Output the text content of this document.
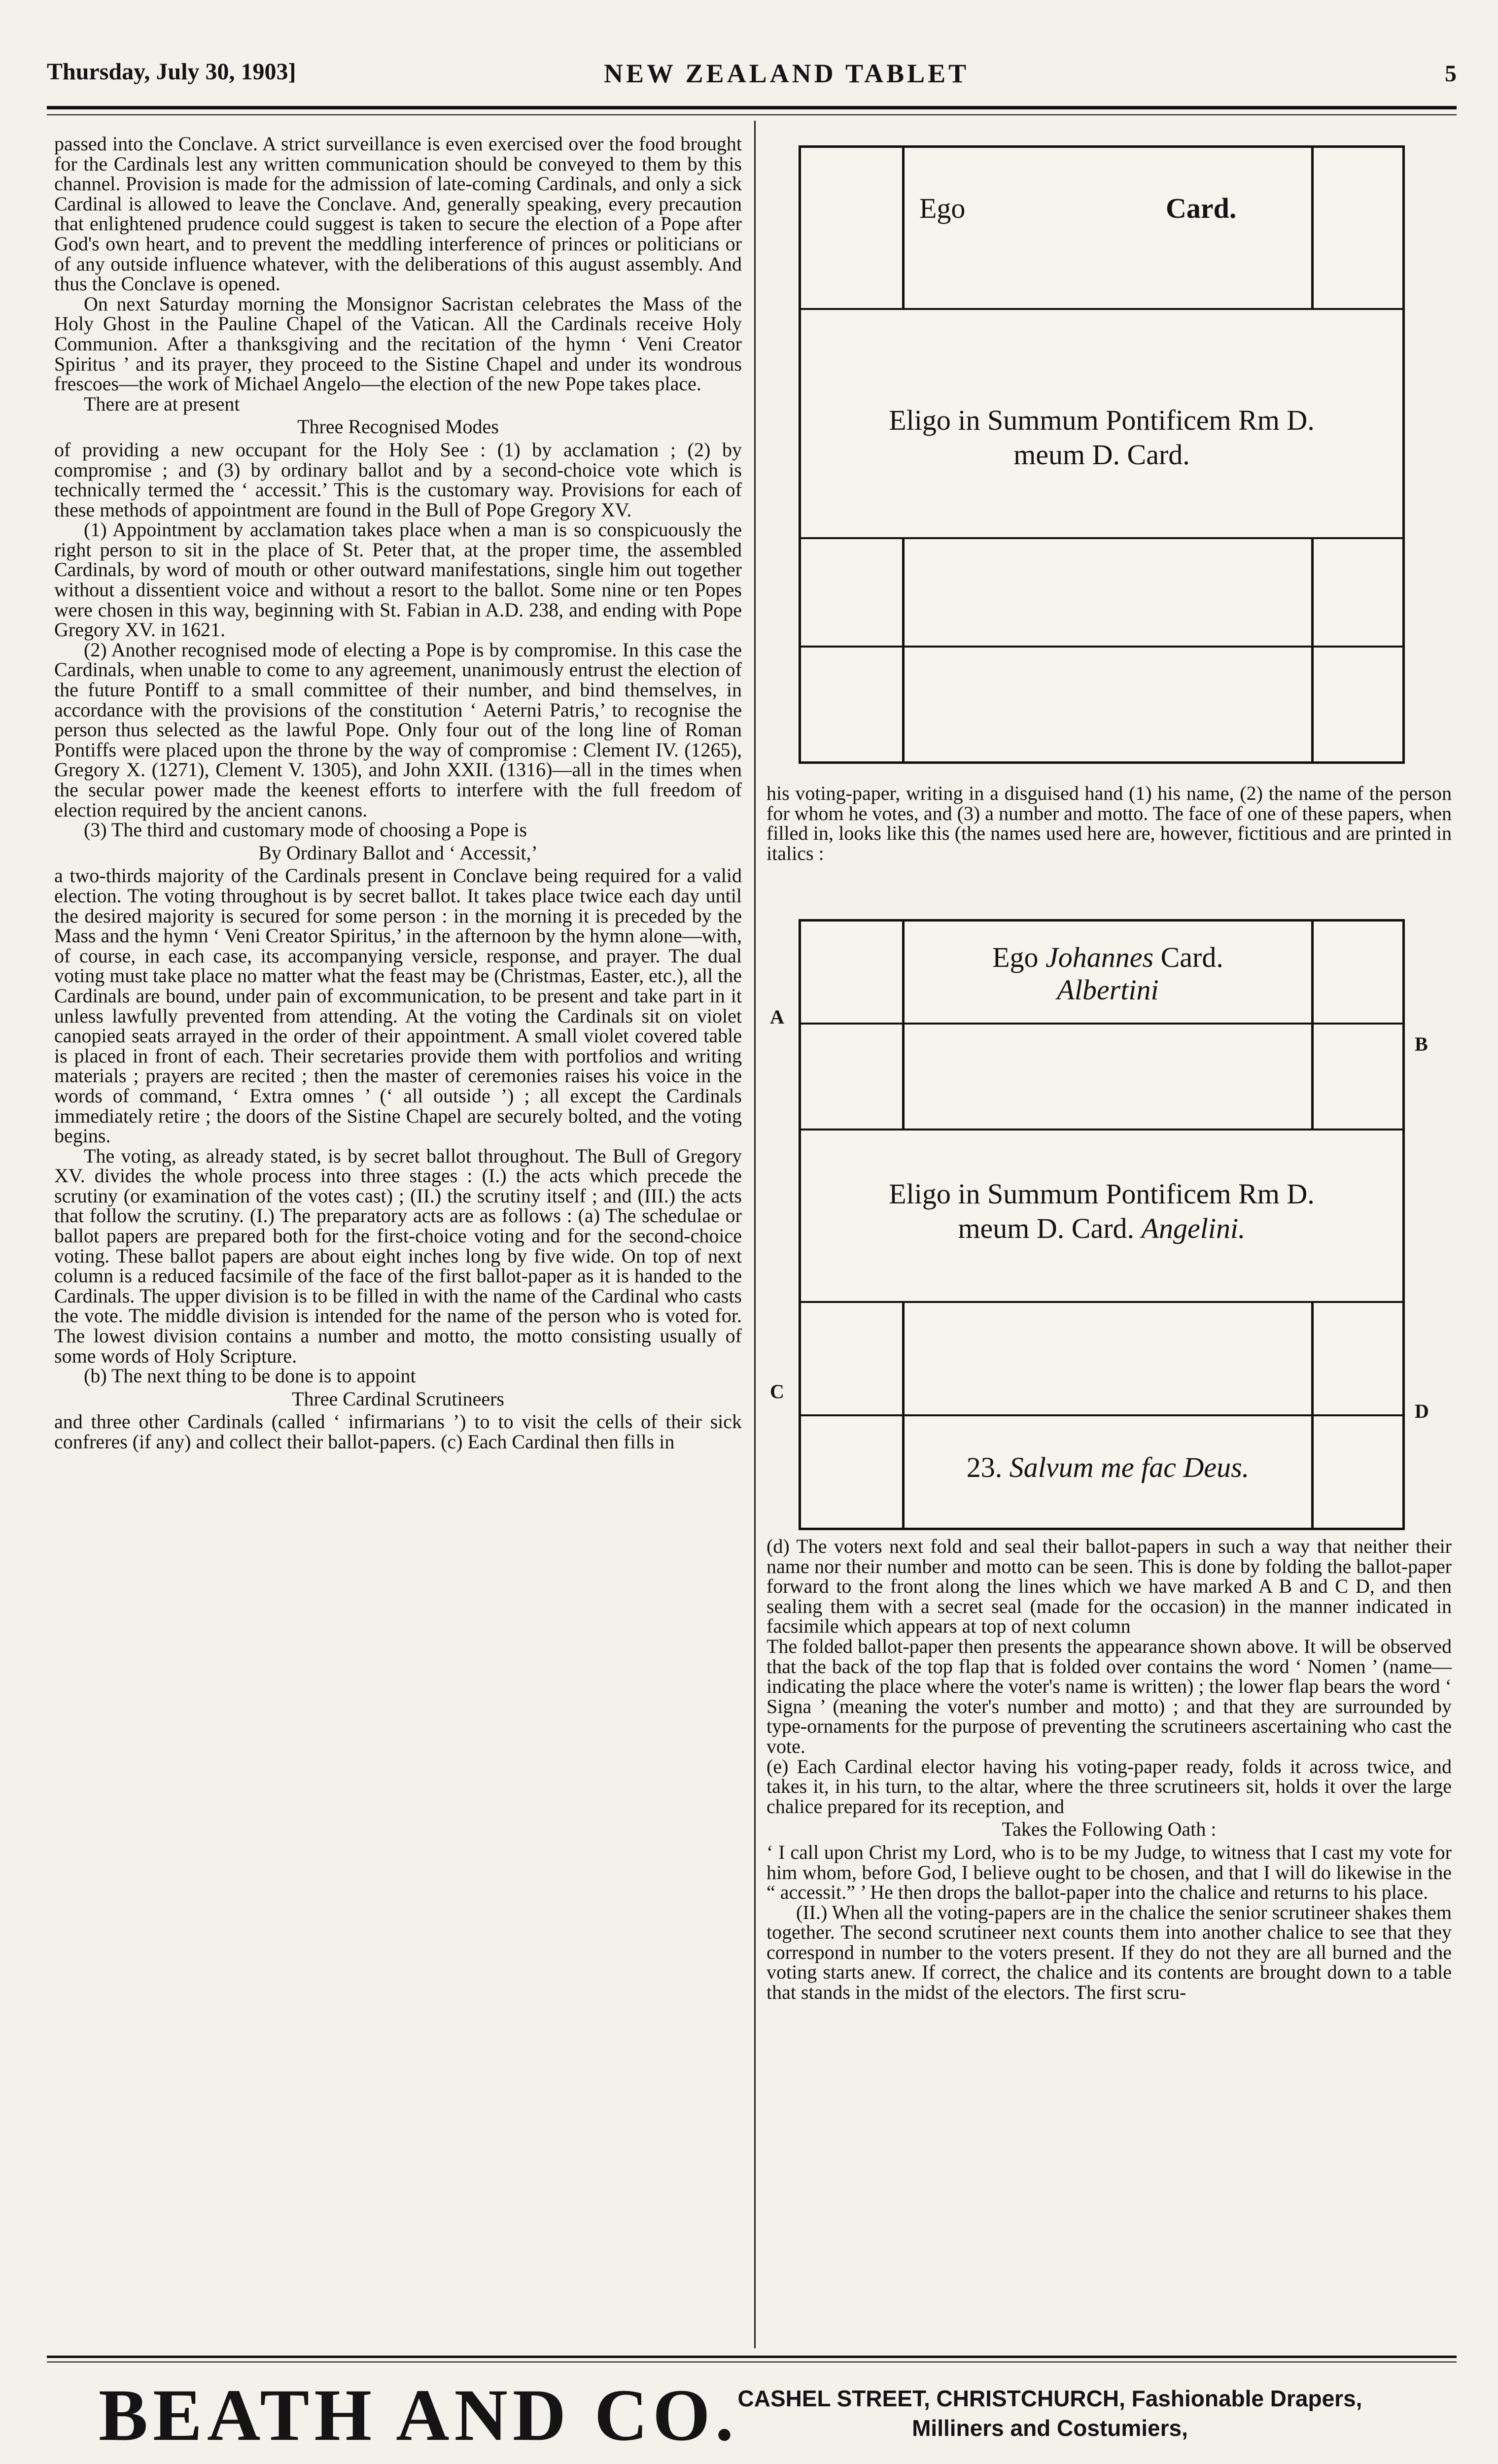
Thursday, July 30, 1903]	NEW ZEALAND TABLET	5

passed into the Conclave. A strict surveillance is even exercised over the food brought for the Cardinals lest any written communication should be conveyed to them by this channel. Provision is made for the admission of late-coming Cardinals, and only a sick Cardinal is allowed to leave the Conclave. And, generally speaking, every precaution that enlightened prudence could suggest is taken to secure the election of a Pope after God's own heart, and to prevent the meddling interference of princes or politicians or of any outside influence whatever, with the deliberations of this august assembly. And thus the Conclave is opened.

On next Saturday morning the Monsignor Sacristan celebrates the Mass of the Holy Ghost in the Pauline Chapel of the Vatican. All the Cardinals receive Holy Communion. After a thanksgiving and the recitation of the hymn ‘ Veni Creator Spiritus ’ and its prayer, they proceed to the Sistine Chapel and under its wondrous frescoes—the work of Michael Angelo—the election of the new Pope takes place.

There are at present

Three Recognised Modes

of providing a new occupant for the Holy See : (1) by acclamation ; (2) by compromise ; and (3) by ordinary ballot and by a second-choice vote which is technically termed the ‘ accessit.’ This is the customary way. Provisions for each of these methods of appointment are found in the Bull of Pope Gregory XV.

(1) Appointment by acclamation takes place when a man is so conspicuously the right person to sit in the place of St. Peter that, at the proper time, the assembled Cardinals, by word of mouth or other outward manifestations, single him out together without a dissentient voice and without a resort to the ballot. Some nine or ten Popes were chosen in this way, beginning with St. Fabian in A.D. 238, and ending with Pope Gregory XV. in 1621.

(2) Another recognised mode of electing a Pope is by compromise. In this case the Cardinals, when unable to come to any agreement, unanimously entrust the election of the future Pontiff to a small committee of their number, and bind themselves, in accordance with the provisions of the constitution ‘ Aeterni Patris,’ to recognise the person thus selected as the lawful Pope. Only four out of the long line of Roman Pontiffs were placed upon the throne by the way of compromise : Clement IV. (1265), Gregory X. (1271), Clement V. 1305), and John XXII. (1316)—all in the times when the secular power made the keenest efforts to interfere with the full freedom of election required by the ancient canons.

(3) The third and customary mode of choosing a Pope is

By Ordinary Ballot and ‘ Accessit,’

a two-thirds majority of the Cardinals present in Conclave being required for a valid election. The voting throughout is by secret ballot. It takes place twice each day until the desired majority is secured for some person : in the morning it is preceded by the Mass and the hymn ‘ Veni Creator Spiritus,’ in the afternoon by the hymn alone—with, of course, in each case, its accompanying versicle, response, and prayer. The dual voting must take place no matter what the feast may be (Christmas, Easter, etc.), all the Cardinals are bound, under pain of excommunication, to be present and take part in it unless lawfully prevented from attending. At the voting the Cardinals sit on violet canopied seats arrayed in the order of their appointment. A small violet covered table is placed in front of each. Their secretaries provide them with portfolios and writing materials ; prayers are recited ; then the master of ceremonies raises his voice in the words of command, ‘ Extra omnes ’ (‘ all outside ’) ; all except the Cardinals immediately retire ; the doors of the Sistine Chapel are securely bolted, and the voting begins.

The voting, as already stated, is by secret ballot throughout. The Bull of Gregory XV. divides the whole process into three stages : (I.) the acts which precede the scrutiny (or examination of the votes cast) ; (II.) the scrutiny itself ; and (III.) the acts that follow the scrutiny. (I.) The preparatory acts are as follows : (a) The schedulae or ballot papers are prepared both for the first-choice voting and for the second-choice voting. These ballot papers are about eight inches long by five wide. On top of next column is a reduced facsimile of the face of the first ballot-paper as it is handed to the Cardinals. The upper division is to be filled in with the name of the Cardinal who casts the vote. The middle division is intended for the name of the person who is voted for. The lowest division contains a number and motto, the motto consisting usually of some words of Holy Scripture.

(b) The next thing to be done is to appoint

Three Cardinal Scrutineers

and three other Cardinals (called ‘ infirmarians ’) to to visit the cells of their sick confreres (if any) and collect their ballot-papers. (c) Each Cardinal then fills in

Ego	Card.
Eligo in Summum Pontificem Rm D.
meum D. Card.

his voting-paper, writing in a disguised hand (1) his name, (2) the name of the person for whom he votes, and (3) a number and motto. The face of one of these papers, when filled in, looks like this (the names used here are, however, fictitious and are printed in italics :

Ego Johannes Card.
Albertini
Eligo in Summum Pontificem Rm D.
meum D. Card. Angelini.
23. Salvum me fac Deus.
A
B
C
D

(d) The voters next fold and seal their ballot-papers in such a way that neither their name nor their number and motto can be seen. This is done by folding the ballot-paper forward to the front along the lines which we have marked A B and C D, and then sealing them with a secret seal (made for the occasion) in the manner indicated in facsimile which appears at top of next column

The folded ballot-paper then presents the appearance shown above. It will be observed that the back of the top flap that is folded over contains the word ‘ Nomen ’ (name—indicating the place where the voter's name is written) ; the lower flap bears the word ‘ Signa ’ (meaning the voter's number and motto) ; and that they are surrounded by type-ornaments for the purpose of preventing the scrutineers ascertaining who cast the vote.

(e) Each Cardinal elector having his voting-paper ready, folds it across twice, and takes it, in his turn, to the altar, where the three scrutineers sit, holds it over the large chalice prepared for its reception, and

Takes the Following Oath :

‘ I call upon Christ my Lord, who is to be my Judge, to witness that I cast my vote for him whom, before God, I believe ought to be chosen, and that I will do likewise in the “ accessit.” ’ He then drops the ballot-paper into the chalice and returns to his place.

(II.) When all the voting-papers are in the chalice the senior scrutineer shakes them together. The second scrutineer next counts them into another chalice to see that they correspond in number to the voters present. If they do not they are all burned and the voting starts anew. If correct, the chalice and its contents are brought down to a table that stands in the midst of the electors. The first scru-

BEATH AND CO.
CASHEL STREET, CHRISTCHURCH, Fashionable Drapers,
Milliners and Costumiers,
